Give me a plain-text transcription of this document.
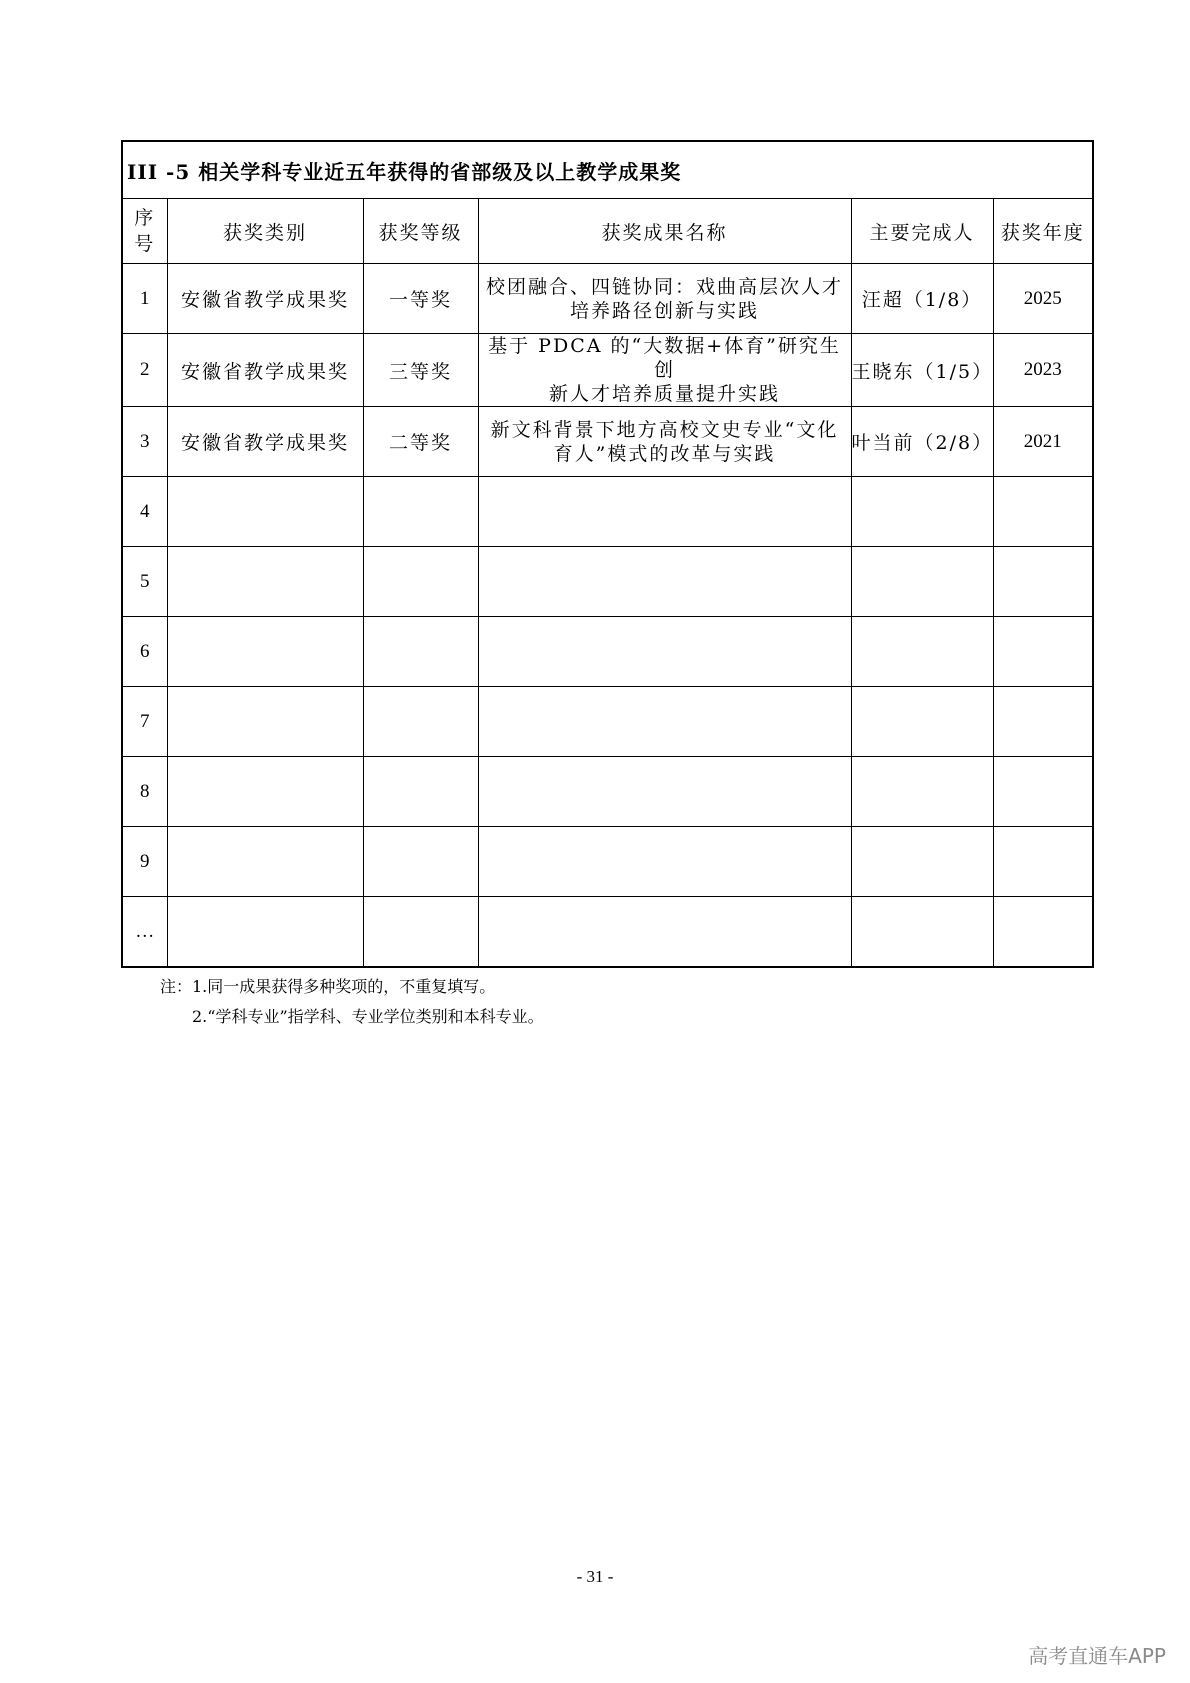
III -5 相关学科专业近五年获得的省部级及以上教学成果奖					

序
号	获奖类别	获奖等级	获奖成果名称	主要完成人	获奖年度
1	安徽省教学成果奖	一等奖	校团融合、四链协同：戏曲高层次人才
培养路径创新与实践	汪超（1/8）	2025
2	安徽省教学成果奖	三等奖	基于 PDCA 的“大数据+体育”研究生创
新人才培养质量提升实践	王晓东（1/5）	2023
3	安徽省教学成果奖	二等奖	新文科背景下地方高校文史专业“文化
育人”模式的改革与实践	叶当前（2/8）	2021
4					
5					
6					
7					
8					
9					
…					
注：1.同一成果获得多种奖项的，不重复填写。
2.“学科专业”指学科、专业学位类别和本科专业。
- 31 -
高考直通车APP
